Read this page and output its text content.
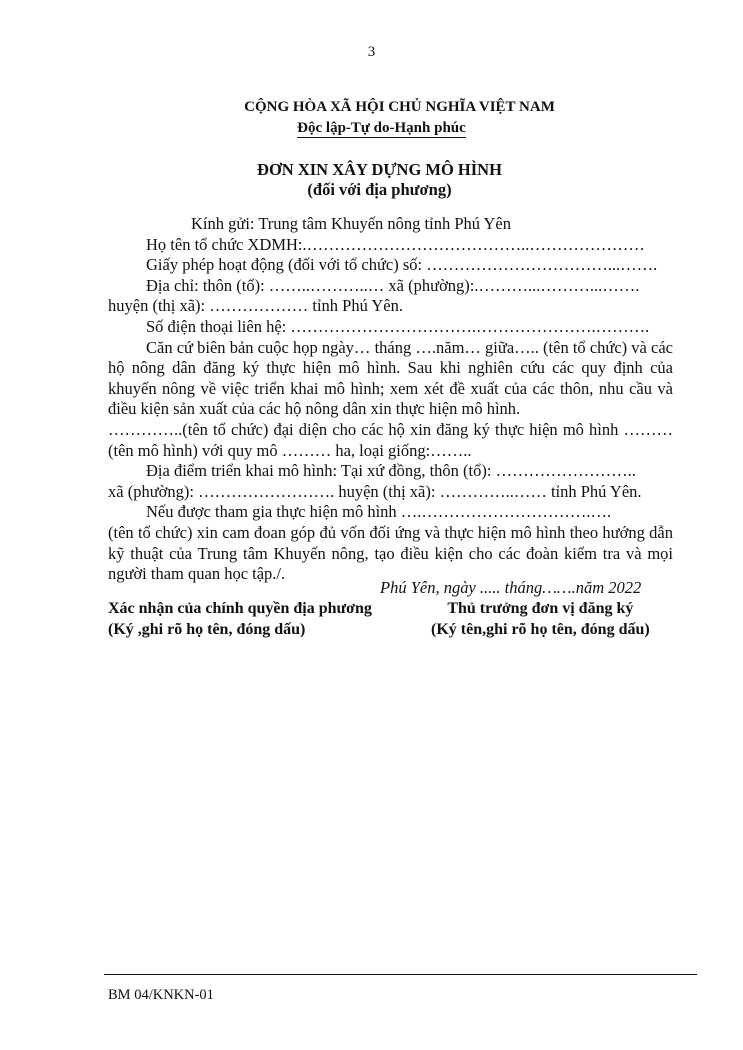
3
CỘNG HÒA XÃ HỘI CHỦ NGHĨA VIỆT NAM
Độc lập-Tự do-Hạnh phúc
ĐƠN XIN XÂY DỰNG MÔ HÌNH
(đối với địa phương)

Kính gửi: Trung tâm Khuyến nông tỉnh Phú Yên

Họ tên tổ chức XDMH:.…………………………………..…………………

Giấy phép hoạt động (đối với tổ chức) số: ……………………………...…….

Địa chỉ: thôn (tổ): ……..………..… xã (phường):.………...………...…….

huyện (thị xã): ……………… tỉnh Phú Yên.

Số điện thoại liên hệ: …………………………….………………….……….

Căn cứ biên bản cuộc họp ngày… tháng ….năm… giữa….. (tên tổ chức) và các hộ nông dân đăng ký thực hiện mô hình. Sau khi nghiên cứu các quy định của khuyến nông về việc triển khai mô hình; xem xét đề xuất của các thôn, nhu cầu và điều kiện sản xuất của các hộ nông dân xin thực hiện mô hình.

…………..(tên tổ chức) đại diện cho các hộ xin đăng ký thực hiện mô hình ……… (tên mô hình) với quy mô ……… ha, loại giống:……..

Địa điểm triển khai mô hình: Tại xứ đồng, thôn (tổ): ……………………..

xã (phường): ……………………. huyện (thị xã): …………..…… tỉnh Phú Yên.

Nếu được tham gia thực hiện mô hình ….………………………….….

(tên tổ chức) xin cam đoan góp đủ vốn đối ứng và thực hiện mô hình theo hướng dẫn kỹ thuật của Trung tâm Khuyến nông, tạo điều kiện cho các đoàn kiểm tra và mọi người tham quan học tập./.

Phú Yên, ngày ..... tháng…….năm 2022
Xác nhận của chính quyền địa phương
(Ký ,ghi rõ họ tên, đóng dấu)
Thủ trưởng đơn vị đăng ký
(Ký tên,ghi rõ họ tên, đóng dấu)
BM 04/KNKN-01
